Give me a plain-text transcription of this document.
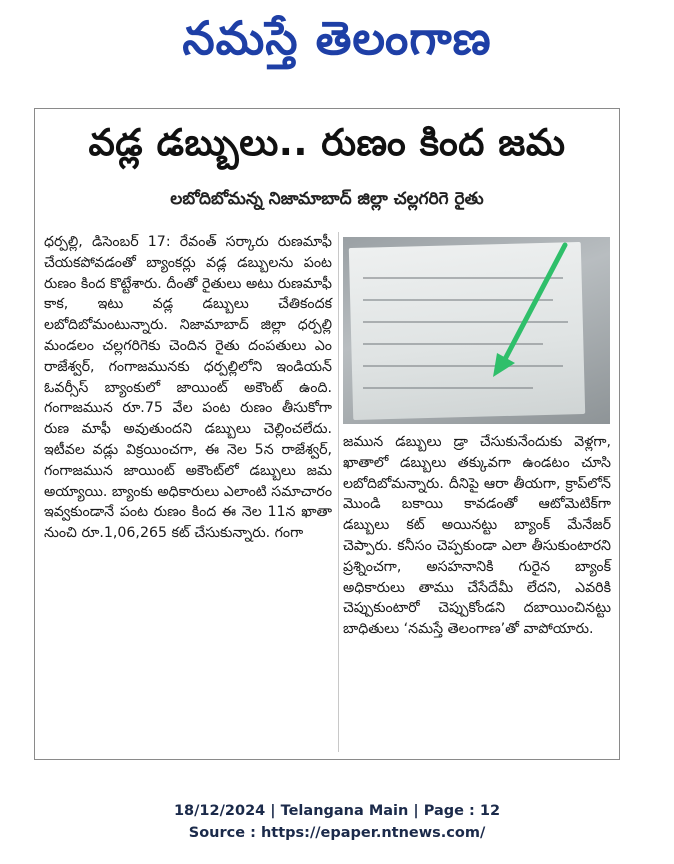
నమస్తే తెలంగాణ
వడ్ల డబ్బులు.. రుణం కింద జమ
లబోదిబోమన్న నిజామాబాద్‌ జిల్లా చల్లగరిగె రైతు

ధర్పల్లి, డిసెంబర్‌ 17: రేవంత్‌ సర్కారు రుణమాఫీ చేయకపోవడంతో బ్యాంకర్లు వడ్ల డబ్బులను పంట రుణం కింద కొట్టేశారు. దీంతో రైతులు అటు రుణమాఫీ కాక, ఇటు వడ్ల డబ్బులు చేతికందక లబోదిబోమంటున్నారు. నిజామాబాద్‌ జిల్లా ధర్పల్లి మండలం చల్లగరిగెకు చెందిన రైతు దంపతులు ఎం రాజేశ్వర్‌, గంగాజమునకు ధర్పల్లిలోని ఇండియన్‌ ఓవర్సీస్‌ బ్యాంకులో జాయింట్‌ అకౌంట్‌ ఉంది. గంగాజమున రూ.75 వేల పంట రుణం తీసుకోగా రుణ మాఫీ అవుతుందని డబ్బులు చెల్లించలేదు. ఇటీవల వడ్లు విక్రయించగా, ఈ నెల 5న రాజేశ్వర్‌, గంగాజమున జాయింట్‌ అకౌంట్‌లో డబ్బులు జమ అయ్యాయి. బ్యాంకు అధికారులు ఎలాంటి సమాచారం ఇవ్వకుండానే పంట రుణం కింద ఈ నెల 11న ఖాతా నుంచి రూ.1,06,265 కట్‌ చేసుకున్నారు. గంగా

జమున డబ్బులు డ్రా చేసుకునేందుకు వెళ్లగా, ఖాతాలో డబ్బులు తక్కువగా ఉండటం చూసి లబోదిబోమన్నారు. దీనిపై ఆరా తీయగా, క్రాప్‌లోన్‌ మొండి బకాయి కావడంతో ఆటోమెటిక్‌గా డబ్బులు కట్‌ అయినట్టు బ్యాంక్‌ మేనేజర్‌ చెప్పారు. కనీసం చెప్పకుండా ఎలా తీసుకుంటారని ప్రశ్నించగా, అసహనానికి గురైన బ్యాంక్‌ అధికారులు తాము చేసేదేమీ లేదని, ఎవరికి చెప్పుకుంటారో చెప్పుకోండని దబాయించినట్టు బాధితులు ‘నమస్తే తెలంగాణ’తో వాపోయారు.

18/12/2024 | Telangana Main | Page : 12
Source : https://epaper.ntnews.com/
